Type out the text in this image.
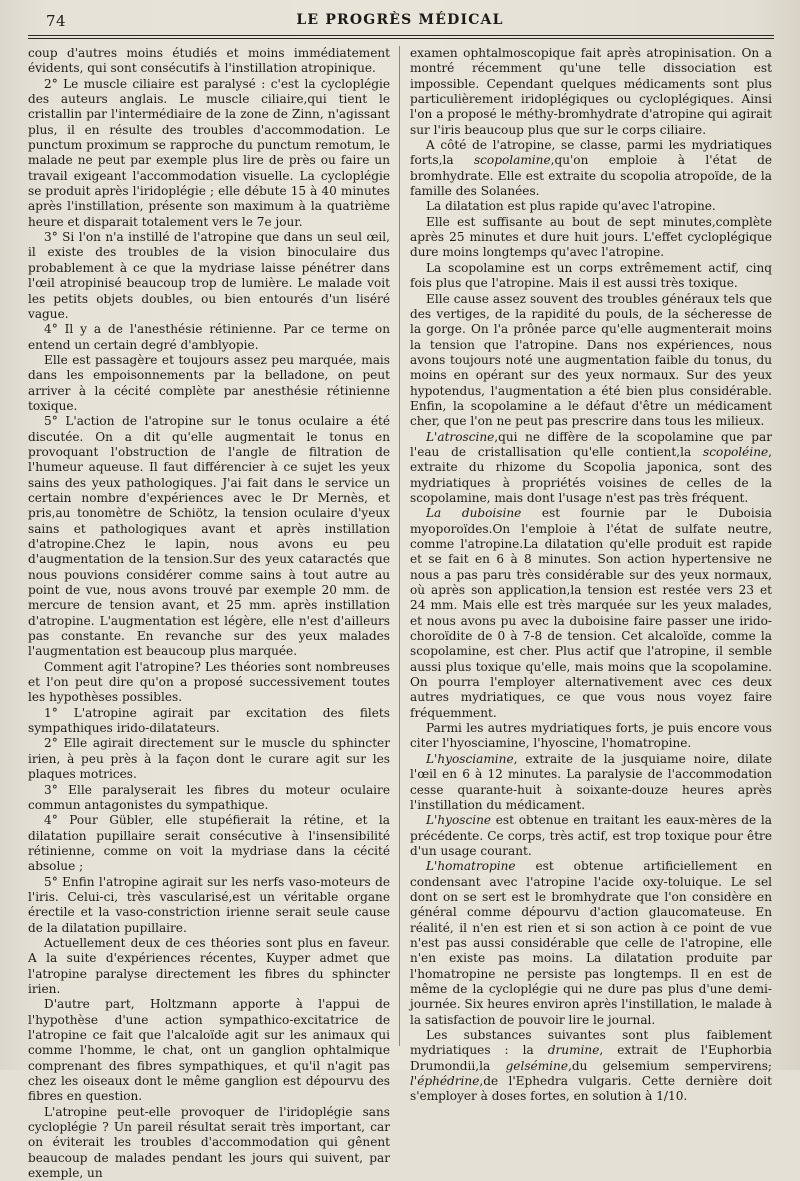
74	LE PROGRÈS MÉDICAL

coup d'autres moins étudiés et moins immédiatement évidents, qui sont consécutifs à l'instillation atropinique.

2° Le muscle ciliaire est paralysé : c'est la cycloplégie des auteurs anglais. Le muscle ciliaire,qui tient le cristallin par l'intermédiaire de la zone de Zinn, n'agissant plus, il en résulte des troubles d'accommodation. Le punctum proximum se rapproche du punctum remotum, le malade ne peut par exemple plus lire de près ou faire un travail exigeant l'accommodation visuelle. La cycloplégie se produit après l'iridoplégie ; elle débute 15 à 40 minutes après l'instillation, présente son maximum à la quatrième heure et disparait totalement vers le 7e jour.

3° Si l'on n'a instillé de l'atropine que dans un seul œil, il existe des troubles de la vision binoculaire dus probablement à ce que la mydriase laisse pénétrer dans l'œil atropinisé beaucoup trop de lumière. Le malade voit les petits objets doubles, ou bien entourés d'un liséré vague.

4° Il y a de l'anesthésie rétinienne. Par ce terme on entend un certain degré d'amblyopie.

Elle est passagère et toujours assez peu marquée, mais dans les empoisonnements par la belladone, on peut arriver à la cécité complète par anesthésie rétinienne toxique.

5° L'action de l'atropine sur le tonus oculaire a été discutée. On a dit qu'elle augmentait le tonus en provoquant l'obstruction de l'angle de filtration de l'humeur aqueuse. Il faut différencier à ce sujet les yeux sains des yeux pathologiques. J'ai fait dans le service un certain nombre d'expériences avec le Dr Mernès, et pris,au tonomètre de Schiötz, la tension oculaire d'yeux sains et pathologiques avant et après instillation d'atropine.Chez le lapin, nous avons eu peu d'augmentation de la tension.Sur des yeux cataractés que nous pouvions considérer comme sains à tout autre au point de vue, nous avons trouvé par exemple 20 mm. de mercure de tension avant, et 25 mm. après instillation d'atropine. L'augmentation est légère, elle n'est d'ailleurs pas constante. En revanche sur des yeux malades l'augmentation est beaucoup plus marquée.

Comment agit l'atropine? Les théories sont nombreuses et l'on peut dire qu'on a proposé successivement toutes les hypothèses possibles.

1° L'atropine agirait par excitation des filets sympathiques irido-dilatateurs.

2° Elle agirait directement sur le muscle du sphincter irien, à peu près à la façon dont le curare agit sur les plaques motrices.

3° Elle paralyserait les fibres du moteur oculaire commun antagonistes du sympathique.

4° Pour Gübler, elle stupéfierait la rétine, et la dilatation pupillaire serait consécutive à l'insensibilité rétinienne, comme on voit la mydriase dans la cécité absolue ;

5° Enfin l'atropine agirait sur les nerfs vaso-moteurs de l'iris. Celui-ci, très vascularisé,est un véritable organe érectile et la vaso-constriction irienne serait seule cause de la dilatation pupillaire.

Actuellement deux de ces théories sont plus en faveur. A la suite d'expériences récentes, Kuyper admet que l'atropine paralyse directement les fibres du sphincter irien.

D'autre part, Holtzmann apporte à l'appui de l'hypothèse d'une action sympathico-excitatrice de l'atropine ce fait que l'alcaloïde agit sur les animaux qui comme l'homme, le chat, ont un ganglion ophtalmique comprenant des fibres sympathiques, et qu'il n'agit pas chez les oiseaux dont le même ganglion est dépourvu des fibres en question.

L'atropine peut-elle provoquer de l'iridoplégie sans cycloplégie ? Un pareil résultat serait très important, car on éviterait les troubles d'accommodation qui gênent beaucoup de malades pendant les jours qui suivent, par exemple, un

examen ophtalmoscopique fait après atropinisation. On a montré récemment qu'une telle dissociation est impossible. Cependant quelques médicaments sont plus particulièrement iridoplégiques ou cycloplégiques. Ainsi l'on a proposé le méthy-bromhydrate d'atropine qui agirait sur l'iris beaucoup plus que sur le corps ciliaire.

A côté de l'atropine, se classe, parmi les mydriatiques forts,la scopolamine,qu'on emploie à l'état de bromhydrate. Elle est extraite du scopolia atropoïde, de la famille des Solanées.

La dilatation est plus rapide qu'avec l'atropine.

Elle est suffisante au bout de sept minutes,complète après 25 minutes et dure huit jours. L'effet cycloplégique dure moins longtemps qu'avec l'atropine.

La scopolamine est un corps extrêmement actif, cinq fois plus que l'atropine. Mais il est aussi très toxique.

Elle cause assez souvent des troubles généraux tels que des vertiges, de la rapidité du pouls, de la sécheresse de la gorge. On l'a prônée parce qu'elle augmenterait moins la tension que l'atropine. Dans nos expériences, nous avons toujours noté une augmentation faible du tonus, du moins en opérant sur des yeux normaux. Sur des yeux hypotendus, l'augmentation a été bien plus considérable. Enfin, la scopolamine a le défaut d'être un médicament cher, que l'on ne peut pas prescrire dans tous les milieux.

L'atroscine,qui ne diffère de la scopolamine que par l'eau de cristallisation qu'elle contient,la scopoléine, extraite du rhizome du Scopolia japonica, sont des mydriatiques à propriétés voisines de celles de la scopolamine, mais dont l'usage n'est pas très fréquent.

La duboisine est fournie par le Duboisia myoporoïdes.On l'emploie à l'état de sulfate neutre, comme l'atropine.La dilatation qu'elle produit est rapide et se fait en 6 à 8 minutes. Son action hypertensive ne nous a pas paru très considérable sur des yeux normaux, où après son application,la tension est restée vers 23 et 24 mm. Mais elle est très marquée sur les yeux malades, et nous avons pu avec la duboisine faire passer une irido-choroïdite de 0 à 7-8 de tension. Cet alcaloïde, comme la scopolamine, est cher. Plus actif que l'atropine, il semble aussi plus toxique qu'elle, mais moins que la scopolamine. On pourra l'employer alternativement avec ces deux autres mydriatiques, ce que vous nous voyez faire fréquemment.

Parmi les autres mydriatiques forts, je puis encore vous citer l'hyosciamine, l'hyoscine, l'homatropine.

L'hyosciamine, extraite de la jusquiame noire, dilate l'œil en 6 à 12 minutes. La paralysie de l'accommodation cesse quarante-huit à soixante-douze heures après l'instillation du médicament.

L'hyoscine est obtenue en traitant les eaux-mères de la précédente. Ce corps, très actif, est trop toxique pour être d'un usage courant.

L'homatropine est obtenue artificiellement en condensant avec l'atropine l'acide oxy-toluique. Le sel dont on se sert est le bromhydrate que l'on considère en général comme dépourvu d'action glaucomateuse. En réalité, il n'en est rien et si son action à ce point de vue n'est pas aussi considérable que celle de l'atropine, elle n'en existe pas moins. La dilatation produite par l'homatropine ne persiste pas longtemps. Il en est de même de la cycloplégie qui ne dure pas plus d'une demi-journée. Six heures environ après l'instillation, le malade à la satisfaction de pouvoir lire le journal.

Les substances suivantes sont plus faiblement mydriatiques : la drumine, extrait de l'Euphorbia Drumondii,la gelsémine,du gelsemium sempervirens; l'éphédrine,de l'Ephedra vulgaris. Cette dernière doit s'employer à doses fortes, en solution à 1/10.
